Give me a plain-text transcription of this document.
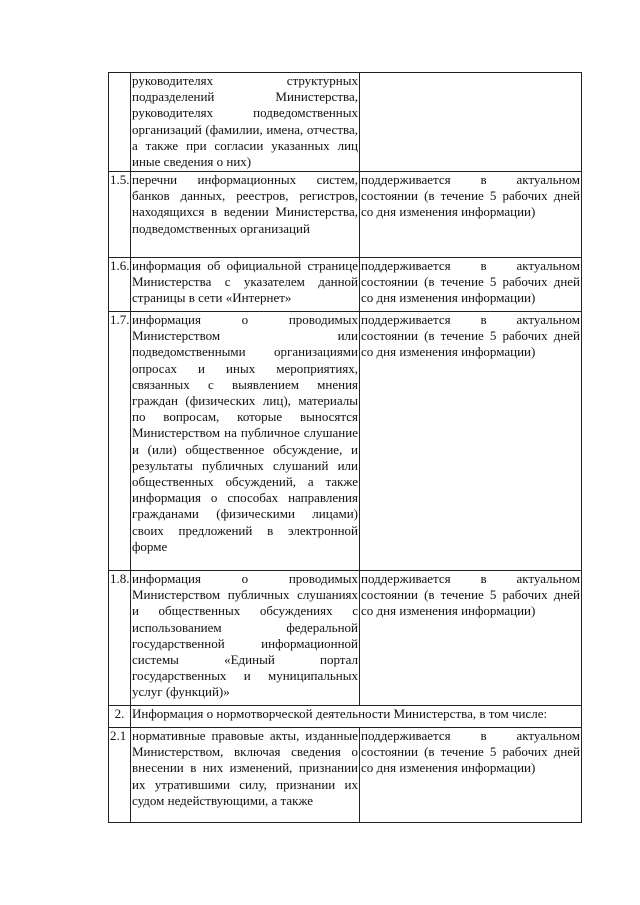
	руководителях структурных подразделений Министерства, руководителях подведомственных организаций (фамилии, имена, отчества, а также при согласии указанных лиц иные сведения о них)	
1.5.	перечни информационных систем, банков данных, реестров, регистров, находящихся в ведении Министерства, подведомственных организаций	поддерживается в актуальном состоянии (в течение 5 рабочих дней со дня изменения информации)
1.6.	информация об официальной странице Министерства с указателем данной страницы в сети «Интернет»	поддерживается в актуальном состоянии (в течение 5 рабочих дней со дня изменения информации)
1.7.	информация о проводимых Министерством или подведомственными организациями опросах и иных мероприятиях, связанных с выявлением мнения граждан (физических лиц), материалы по вопросам, которые выносятся Министерством на публичное слушание и (или) общественное обсуждение, и результаты публичных слушаний или общественных обсуждений, а также информация о способах направления гражданами (физическими лицами) своих предложений в электронной форме	поддерживается в актуальном состоянии (в течение 5 рабочих дней со дня изменения информации)
1.8.	информация о проводимых Министерством публичных слушаниях и общественных обсуждениях с использованием федеральной государственной информационной системы «Единый портал государственных и муниципальных услуг (функций)»	поддерживается в актуальном состоянии (в течение 5 рабочих дней со дня изменения информации)
2.	Информация о нормотворческой деятельности Министерства, в том числе:	
2.1	нормативные правовые акты, изданные Министерством, включая сведения о внесении в них изменений, признании их утратившими силу, признании их судом недействующими, а также	поддерживается в актуальном состоянии (в течение 5 рабочих дней со дня изменения информации)
